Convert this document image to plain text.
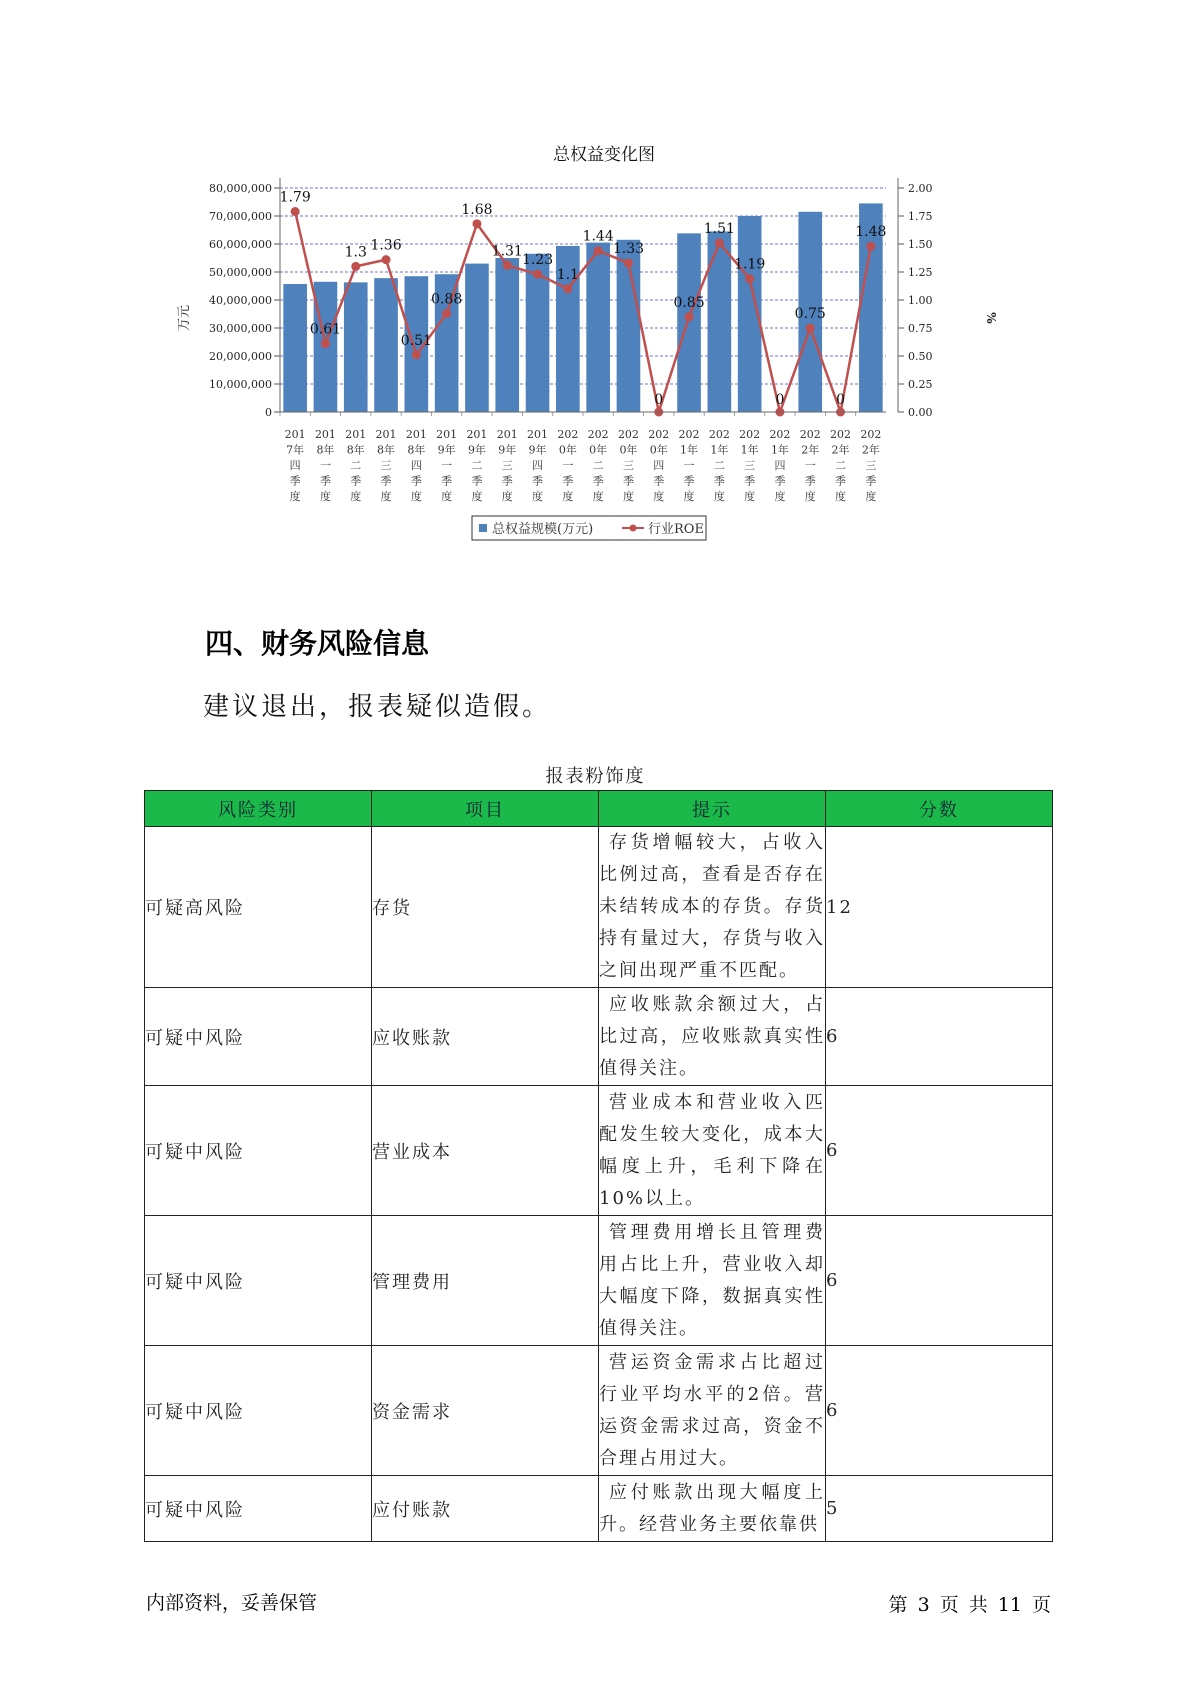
总权益变化图
0
10,000,000
20,000,000
30,000,000
40,000,000
50,000,000
60,000,000
70,000,000
80,000,000
0.00
0.25
0.50
0.75
1.00
1.25
1.50
1.75
2.00
万元	%
1.79
0.61
1.3 1.36
0.51
0.88
1.68
1.31
1.23
1.1
1.44
1.33
0
0.85
1.51
1.19
0
0.75
0
1.48
201 7年四季度
201 8年一季度
201 8年二季度
201 8年三季度
201 8年四季度
201 9年一季度
201 9年二季度
201 9年三季度
201 9年四季度
202 0年一季度
202 0年二季度
202 0年三季度
202 0年四季度
202 1年一季度
202 1年二季度
202 1年三季度
202 1年四季度
202 2年一季度
202 2年二季度
202 2年三季度
总权益规模(万元)	行业ROE
四、财务风险信息

建议退出，报表疑似造假。

报表粉饰度

风险类别	项目	提示	分数
可疑高风险	存货	存货增幅较大，占收入比例过高，查看是否存在未结转成本的存货。存货持有量过大，存货与收入之间出现严重不匹配。	12
可疑中风险	应收账款	应收账款余额过大，占比过高，应收账款真实性值得关注。	6
可疑中风险	营业成本	营业成本和营业收入匹配发生较大变化，成本大幅度上升，毛利下降在10%以上。	6
可疑中风险	管理费用	管理费用增长且管理费用占比上升，营业收入却大幅度下降，数据真实性值得关注。	6
可疑中风险	资金需求	营运资金需求占比超过行业平均水平的2倍。营运资金需求过高，资金不合理占用过大。	6
可疑中风险	应付账款	应付账款出现大幅度上升。经营业务主要依靠供	5

内部资料，妥善保管	第 3 页 共 11 页
